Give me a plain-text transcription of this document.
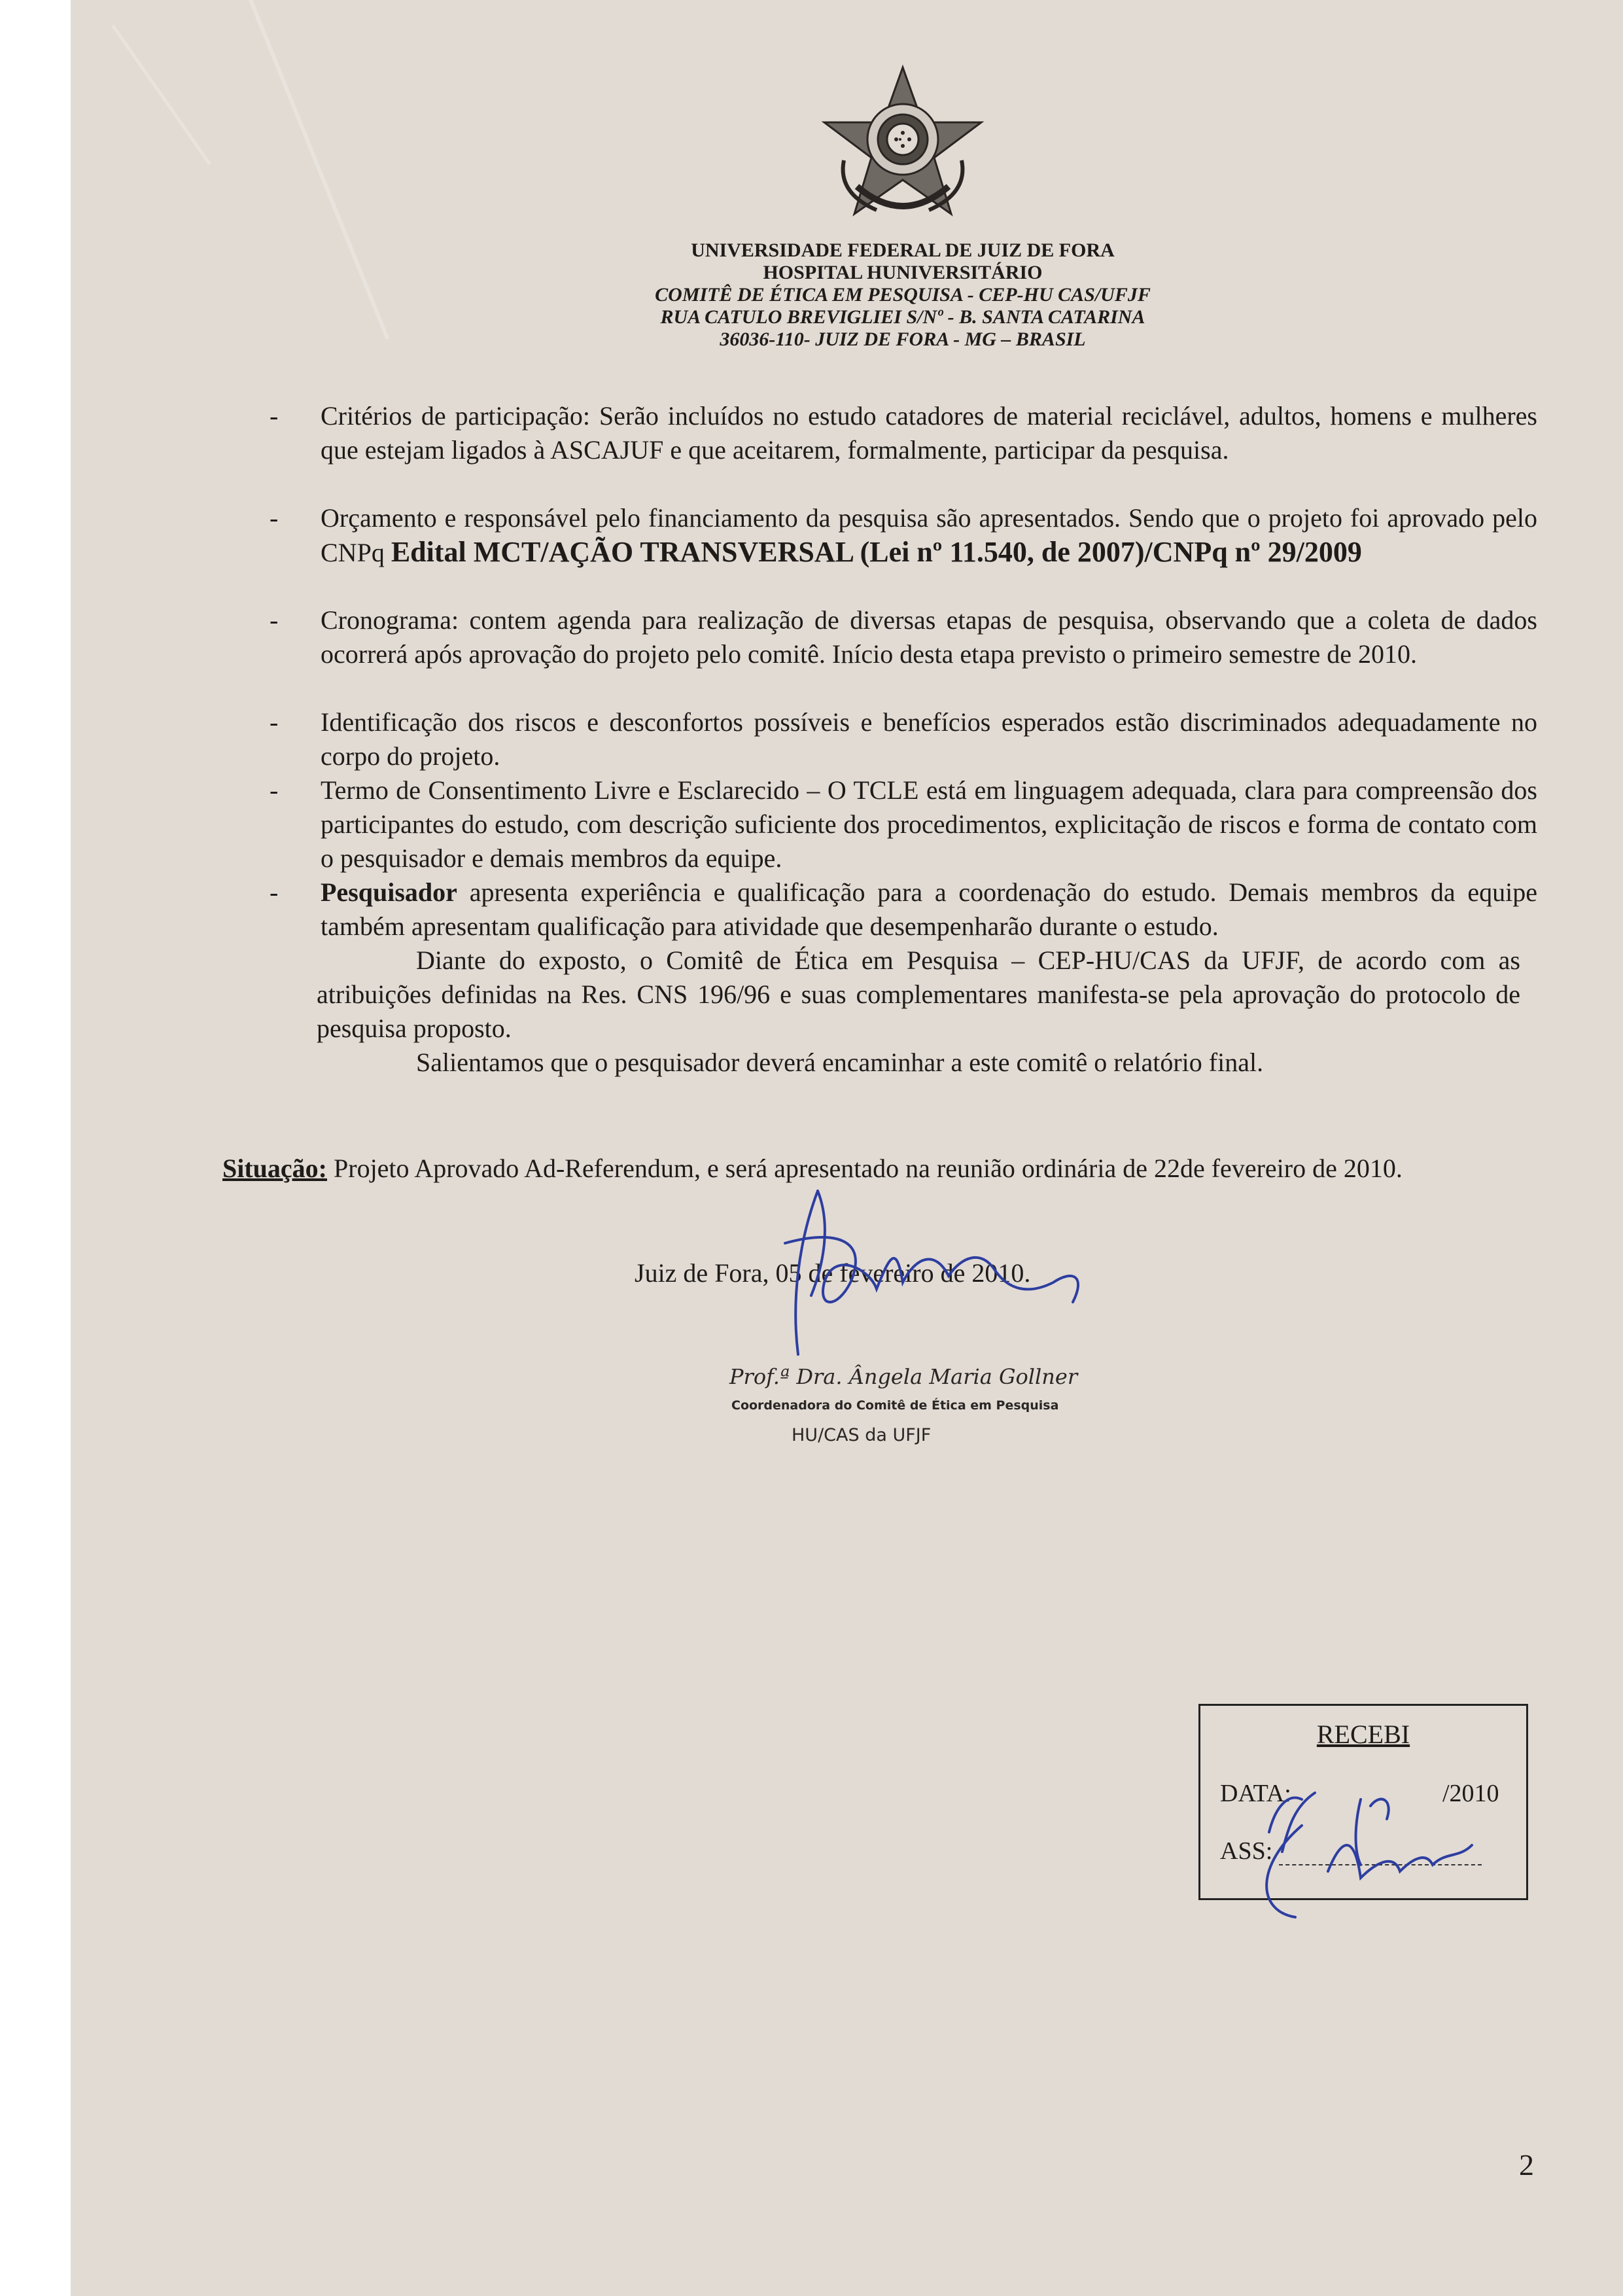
UNIVERSIDADE FEDERAL DE JUIZ DE FORA
HOSPITAL HUNIVERSITÁRIO
COMITÊ DE ÉTICA EM PESQUISA - CEP-HU CAS/UFJF
RUA CATULO BREVIGLIEI S/Nº - B. SANTA CATARINA
36036-110- JUIZ DE FORA - MG – BRASIL
- Critérios de participação: Serão incluídos no estudo catadores de material reciclável, adultos, homens e mulheres que estejam ligados à ASCAJUF e que aceitarem, formalmente, participar da pesquisa.
- Orçamento e responsável pelo financiamento da pesquisa são apresentados. Sendo que o projeto foi aprovado pelo CNPq Edital MCT/AÇÃO TRANSVERSAL (Lei nº 11.540, de 2007)/CNPq nº 29/2009
- Cronograma: contem agenda para realização de diversas etapas de pesquisa, observando que a coleta de dados ocorrerá após aprovação do projeto pelo comitê. Início desta etapa previsto o primeiro semestre de 2010.
- Identificação dos riscos e desconfortos possíveis e benefícios esperados estão discriminados adequadamente no corpo do projeto.
- Termo de Consentimento Livre e Esclarecido – O TCLE está em linguagem adequada, clara para compreensão dos participantes do estudo, com descrição suficiente dos procedimentos, explicitação de riscos e forma de contato com o pesquisador e demais membros da equipe.
- Pesquisador apresenta experiência e qualificação para a coordenação do estudo. Demais membros da equipe também apresentam qualificação para atividade que desempenharão durante o estudo.
Diante do exposto, o Comitê de Ética em Pesquisa – CEP-HU/CAS da UFJF, de acordo com as atribuições definidas na Res. CNS 196/96 e suas complementares manifesta-se pela aprovação do protocolo de pesquisa proposto.
Salientamos que o pesquisador deverá encaminhar a este comitê o relatório final.
Situação: Projeto Aprovado Ad-Referendum, e será apresentado na reunião ordinária de 22de fevereiro de 2010.
Juiz de Fora, 05 de fevereiro de 2010.
Prof.ª Dra. Ângela Maria Gollner
Coordenadora do Comitê de Ética em Pesquisa
HU/CAS da UFJF
RECEBI
DATA:	/2010
ASS:
2
